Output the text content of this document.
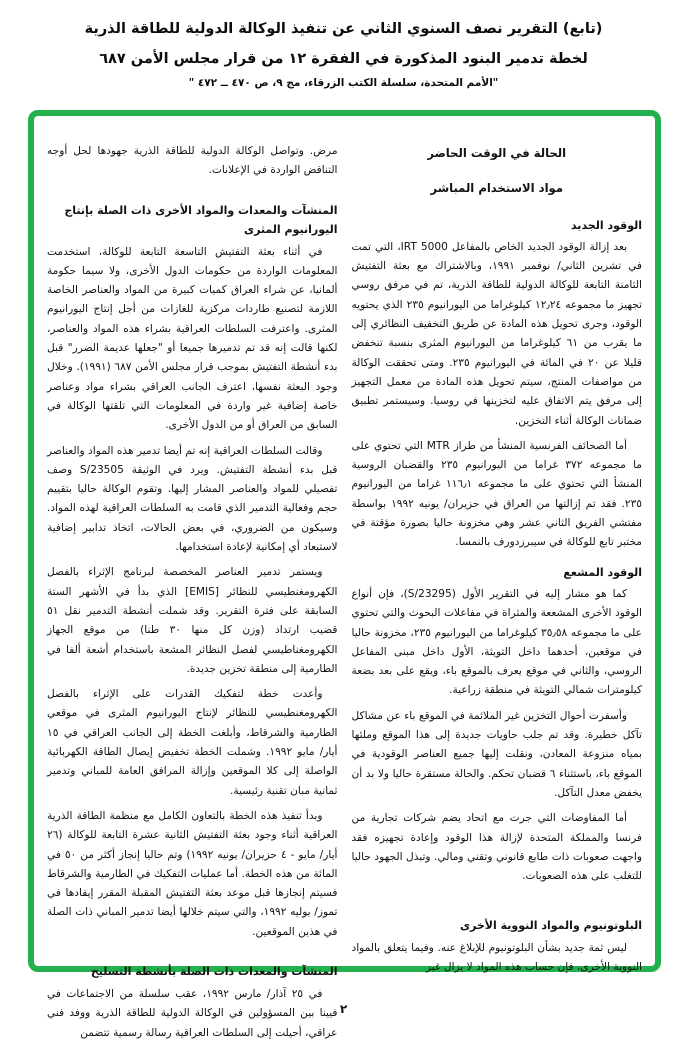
(تابع) التقرير نصف السنوي الثاني عن تنفيذ الوكالة الدولية للطاقة الذرية
لخطة تدمير البنود المذكورة في الفقرة ١٢ من قرار مجلس الأمن ٦٨٧
"الأمم المتحدة، سلسلة الكتب الزرقاء، مج ٩، ص ٤٧٠ ــ ٤٧٢ "
الحالة في الوقت الحاضر
مواد الاستخدام المباشر
الوقود الجديد

بعد إزالة الوقود الجديد الخاص بالمفاعل IRT 5000، التي تمت في تشرين الثاني/ نوفمبر ١٩٩١، وبالاشتراك مع بعثة التفتيش الثامنة التابعة للوكالة الدولية للطاقة الذرية، تم في مرفق روسي تجهيز ما مجموعه ١٢٫٢٤ كيلوغراما من اليورانيوم ٢٣٥ الذي يحتويه الوقود، وجرى تحويل هذه المادة عن طريق التخفيف النظائري إلى ما يقرب من ٦١ كيلوغراما من اليورانيوم المثرى بنسبة تنخفض قليلا عن ٢٠ في المائة في اليورانيوم ٢٣٥. ومتى تحققت الوكالة من مواصفات المنتج، سيتم تحويل هذه المادة من معمل التجهيز إلى مرفق يتم الاتفاق عليه لتخزينها في روسيا. وسيستمر تطبيق ضمانات الوكالة أثناء التخزين.

أما الصحائف الفرنسية المنشأ من طراز MTR التي تحتوي على ما مجموعه ٣٧٢ غراما من اليورانيوم ٢٣٥ والقضبان الروسية المنشأ التي تحتوي على ما مجموعه ١١٦٫١ غراما من اليورانيوم ٢٣٥. فقد تم إزالتها من العراق في حزيران/ يونيه ١٩٩٢ بواسطة مفتشي الفريق الثاني عشر وهي مخزونة حاليا بصورة مؤقتة في مختبر تابع للوكالة في سيبرزدورف بالنمسا.

الوقود المشعع

كما هو مشار إليه في التقرير الأول (S/23295)، فإن أنواع الوقود الأخرى المشععة والمثراة في مفاعلات البحوث والتي تحتوي على ما مجموعه ٣٥٫٥٨ كيلوغراما من اليورانيوم ٢٣٥، مخزونة حاليا في موقعين، أحدهما داخل التويثة، الأول داخل مبنى المفاعل الروسي، والثاني في موقع يعرف بالموقع باء، ويقع على بعد بضعة كيلومترات شمالي التويثة في منطقة زراعية.

وأسفرت أحوال التخزين غير الملائمة في الموقع باء عن مشاكل تآكل خطيرة. وقد تم جلب حاويات جديدة إلى هذا الموقع وملئها بمياه منزوعة المعادن، ونقلت إليها جميع العناصر الوقودية في الموقع باء، باستثناء ٦ قضبان تحكم. والحالة مستقرة حاليا ولا بد أن يخفض معدل التآكل.

أما المفاوضات التي جرت مع اتحاد يضم شركات تجارية من فرنسا والمملكة المتحدة لإزالة هذا الوقود وإعادة تجهيزه فقد واجهت صعوبات ذات طابع قانوني وتقني ومالي. وتبذل الجهود حاليا للتغلب على هذه الصعوبات.

البلوتونيوم والمواد النووية الأخرى

ليس ثمة جديد بشأن البلوتونيوم للإبلاغ عنه. وفيما يتعلق بالمواد النووية الأخرى، فإن حساب هذه المواد لا يزال غير

مرض. وتواصل الوكالة الدولية للطاقة الذرية جهودها لحل أوجه التناقض الواردة في الإعلانات.

المنشآت والمعدات والمواد الأخرى ذات الصلة بإنتاج اليورانيوم المثرى

في أثناء بعثة التفتيش التاسعة التابعة للوكالة، استخدمت المعلومات الواردة من حكومات الدول الأخرى، ولا سيما حكومة ألمانيا، عن شراء العراق كميات كبيرة من المواد والعناصر الخاصة اللازمة لتصنيع طاردات مركزية للغازات من أجل إنتاج اليورانيوم المثرى. واعترفت السلطات العراقية بشراء هذه المواد والعناصر، لكنها قالت إنه قد تم تدميرها جميعا أو "جعلها عديمة الضرر" قبل بدء أنشطة التفتيش بموجب قرار مجلس الأمن ٦٨٧ (١٩٩١). وخلال وجود البعثة نفسها، اعترف الجانب العراقي بشراء مواد وعناصر خاصة إضافية غير واردة في المعلومات التي تلقتها الوكالة في السابق من العراق أو من الدول الأخرى.

وقالت السلطات العراقية إنه تم أيضا تدمير هذه المواد والعناصر قبل بدء أنشطة التفتيش. ويرد في الوثيقة S/23505 وصف تفصيلي للمواد والعناصر المشار إليها. وتقوم الوكالة حاليا بتقييم حجم وفعالية التدمير الذي قامت به السلطات العراقية لهذه المواد. وسيكون من الضروري، في بعض الحالات، اتخاذ تدابير إضافية لاستبعاد أي إمكانية لإعادة استخدامها.

ويستمر تدمير العناصر المخصصة لبرنامج الإثراء بالفصل الكهرومغنطيسي للنظائر [EMIS] الذي بدأ في الأشهر الستة السابقة على فترة التقرير. وقد شملت أنشطة التدمير نقل ٥١ قضيب ارتداد (وزن كل منها ٣٠ طنا) من موقع الجهاز الكهرومغناطيسي لفصل النظائر المشعة باستخدام أشعة ألفا في الطارمية إلى منطقة تخزين جديدة.

وأعدت خطة لتفكيك القدرات على الإثراء بالفصل الكهرومغنطيسي للنظائر لإنتاج اليورانيوم المثرى في موقعي الطارمية والشرقاط، وأبلغت الخطة إلى الجانب العراقي في ١٥ أيار/ مايو ١٩٩٢. وشملت الخطة تخفيض إيصال الطاقة الكهربائية الواصلة إلى كلا الموقعين وإزالة المرافق العامة للمباني وتدمير ثمانية مبان تقنية رئيسية.

وبدأ تنفيذ هذه الخطة بالتعاون الكامل مع منظمة الطاقة الذرية العراقية أثناء وجود بعثة التفتيش الثانية عشرة التابعة للوكالة (٢٦ أيار/ مايو - ٤ حزيران/ يونيه ١٩٩٢) وتم حاليا إنجاز أكثر من ٥٠ في المائة من هذه الخطة. أما عمليات التفكيك في الطارمية والشرقاط فسيتم إنجازها قبل موعد بعثة التفتيش المقبلة المقرر إيفادها في تموز/ يوليه ١٩٩٢، والتي سيتم خلالها أيضا تدمير المباني ذات الصلة في هذين الموقعين.

المنشآت والمعدات ذات الصلة بأنشطة التسليح

في ٢٥ آذار/ مارس ١٩٩٢، عقب سلسلة من الاجتماعات في فيينا بين المسؤولين في الوكالة الدولية للطاقة الذرية ووفد فني عراقي، أحيلت إلى السلطات العراقية رسالة رسمية تتضمن

٢
